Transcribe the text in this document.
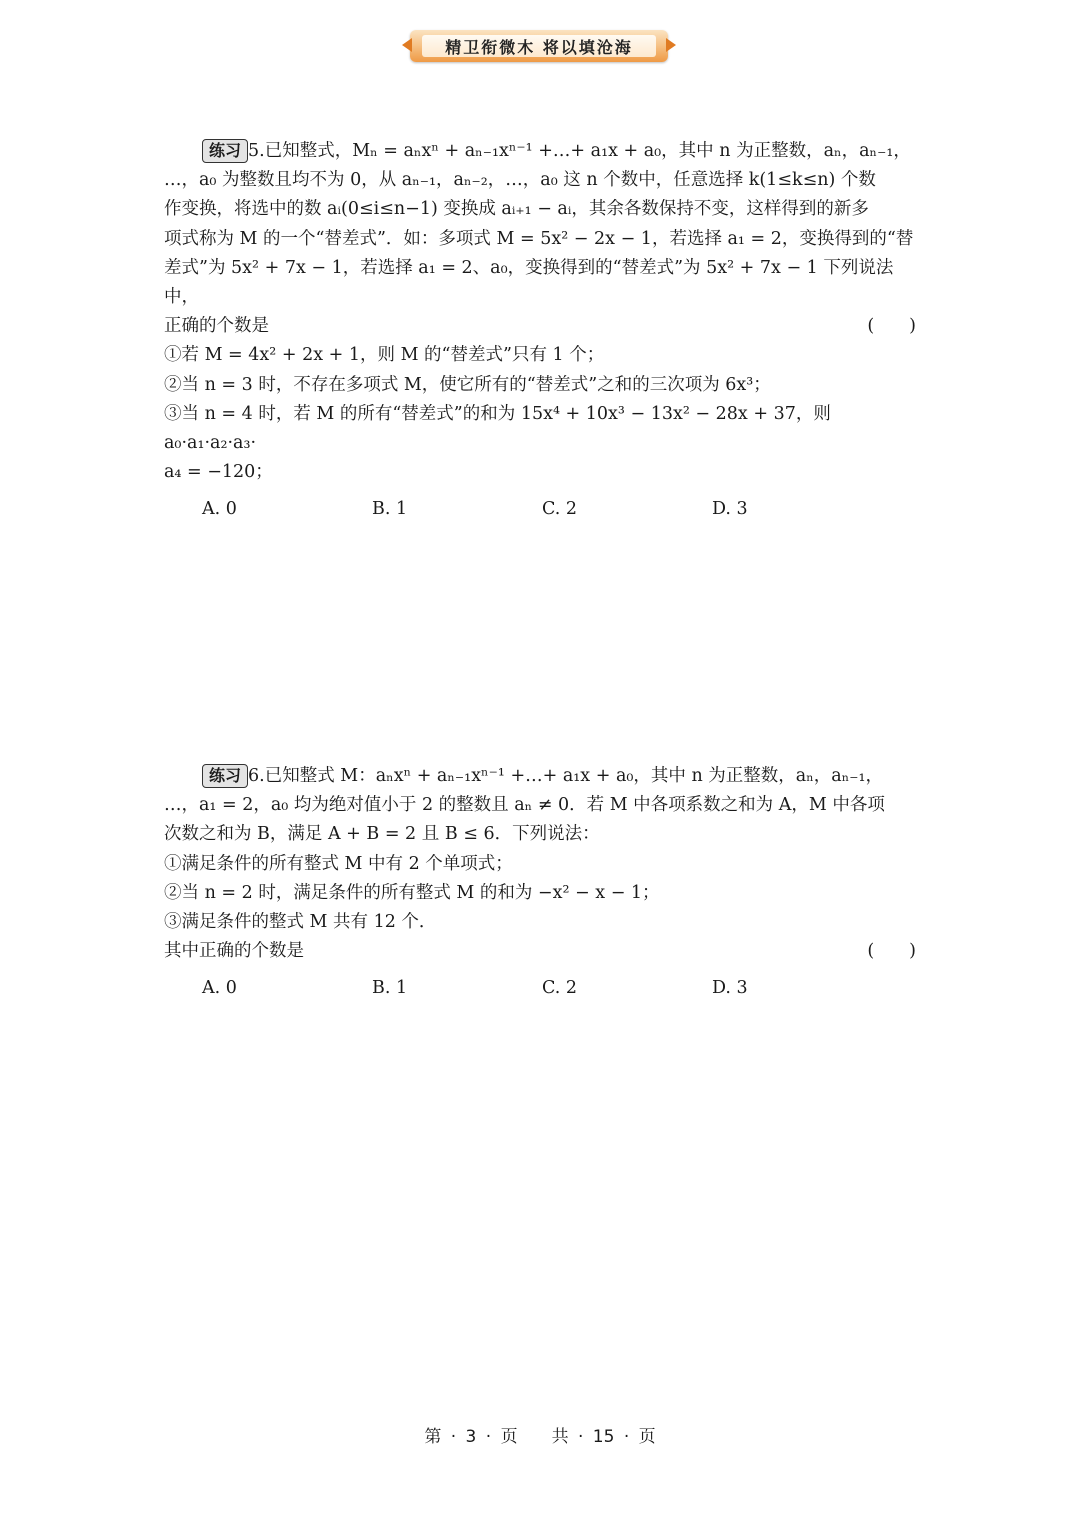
精卫衔微木 将以填沧海

练习 5.已知整式，Mₙ = aₙxⁿ + aₙ₋₁xⁿ⁻¹ +…+ a₁x + a₀，其中 n 为正整数，aₙ，aₙ₋₁，

…，a₀ 为整数且均不为 0，从 aₙ₋₁，aₙ₋₂，…，a₀ 这 n 个数中，任意选择 k(1≤k≤n) 个数

作变换，将选中的数 aᵢ(0≤i≤n−1) 变换成 aᵢ₊₁ − aᵢ，其余各数保持不变，这样得到的新多

项式称为 M 的一个“替差式”．如：多项式 M = 5x² − 2x − 1，若选择 a₁ = 2，变换得到的“替

差式”为 5x² + 7x − 1，若选择 a₁ = 2、a₀，变换得到的“替差式”为 5x² + 7x − 1 下列说法中，

(　　)
正确的个数是

①若 M = 4x² + 2x + 1，则 M 的“替差式”只有 1 个；

②当 n = 3 时，不存在多项式 M，使它所有的“替差式”之和的三次项为 6x³；

③当 n = 4 时，若 M 的所有“替差式”的和为 15x⁴ + 10x³ − 13x² − 28x + 37，则 a₀·a₁·a₂·a₃·

a₄ = −120；

A. 0	B. 1	C. 2	D. 3

练习 6.已知整式 M：aₙxⁿ + aₙ₋₁xⁿ⁻¹ +…+ a₁x + a₀，其中 n 为正整数，aₙ，aₙ₋₁，

…，a₁ = 2，a₀ 均为绝对值小于 2 的整数且 aₙ ≠ 0．若 M 中各项系数之和为 A，M 中各项

次数之和为 B，满足 A + B = 2 且 B ≤ 6．下列说法：

①满足条件的所有整式 M 中有 2 个单项式；

②当 n = 2 时，满足条件的所有整式 M 的和为 −x² − x − 1；

③满足条件的整式 M 共有 12 个．

(　　)
其中正确的个数是

A. 0	B. 1	C. 2	D. 3
第 · 3 · 页　　共 · 15 · 页
